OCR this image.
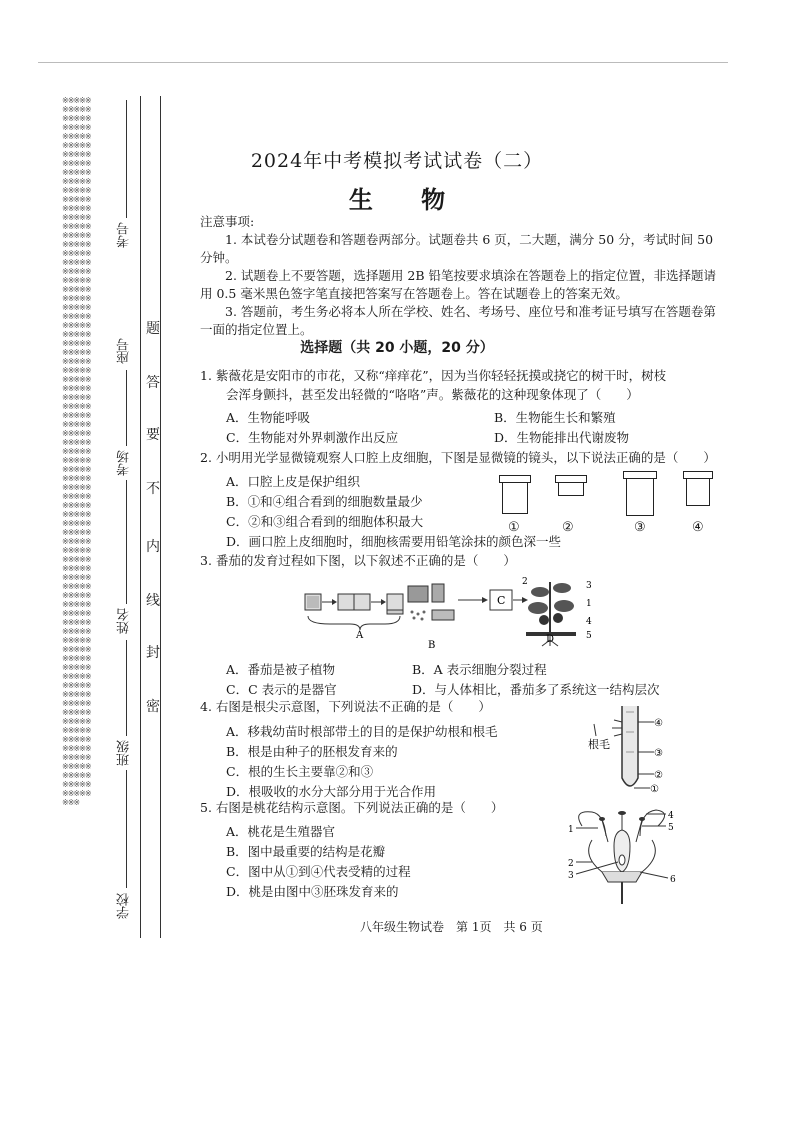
※※※※※※※※※※※※※※※※※※※※※※※※※※※※※※※※※※※※※※※※※※※※※※※※※※※※※※※※※※※※※※※※※※※※※※※※※※※※※※※※※※※※※※※※※※※※※※※※※※※※※※※※※※※※※※※※※※※※※※※※※※※※※※※※※※※※※※※※※※※※※※※※※※※※※※※※※※※※※※※※※※※※※※※※※※※※※※※※※※※※※※※※※※※※※※※※※※※※※※※※※※※※※※※※※※※※※※※※※※※※※※※※※※※※※※※※※※※※※※※※※※※※※※※※※※※※※※※※※※※※※※※※※※※※※※※※※※※※※※※※※※※※※※※※※※※※※※※※※※※※※※※※※※※※※※※※※※※※※※※※※※※※※※※※※※※※※※※※※※※※※※※※※※※※※※※※※※※※※※※※※※※※※※※※※※※※※※※※※※※※※※※※※※※※※※※※※
考号
座号
考场
姓名
班级
学校
题
答
要
不
内
线
封
密
2024年中考模拟考试试卷（二）
生 物

注意事项:

1. 本试卷分试题卷和答题卷两部分。试题卷共 6 页，二大题，满分 50 分，考试时间 50 分钟。

2. 试题卷上不要答题，选择题用 2B 铅笔按要求填涂在答题卷上的指定位置，非选择题请用 0.5 毫米黑色签字笔直接把答案写在答题卷上。答在试题卷上的答案无效。

3. 答题前，考生务必将本人所在学校、姓名、考场号、座位号和准考证号填写在答题卷第一面的指定位置上。

选择题（共 20 小题，20 分）
1. 紫薇花是安阳市的市花，又称“痒痒花”，因为当你轻轻抚摸或挠它的树干时，树枝
会浑身颤抖，甚至发出轻微的“咯咯”声。紫薇花的这种现象体现了（　　）
A．生物能呼吸	B．生物能生长和繁殖
C．生物能对外界刺激作出反应	D．生物能排出代谢废物
2. 小明用光学显微镜观察人口腔上皮细胞，下图是显微镜的镜头，以下说法正确的是（　　）
A．口腔上皮是保护组织
B．①和④组合看到的细胞数量最少
C．②和③组合看到的细胞体积最大
D．画口腔上皮细胞时，细胞核需要用铅笔涂抹的颜色深一些
①	②	③	④
3. 番茄的发育过程如下图，以下叙述不正确的是（　　）
A
B
C
2	3
1
4
5
D
A．番茄是被子植物	B．A 表示细胞分裂过程
C．C 表示的是器官	D．与人体相比，番茄多了系统这一结构层次
4. 右图是根尖示意图，下列说法不正确的是（　　）
A．移栽幼苗时根部带土的目的是保护幼根和根毛
B．根是由种子的胚根发育来的
C．根的生长主要靠②和③
D．根吸收的水分大部分用于光合作用
④
③
②
①
根毛
5. 右图是桃花结构示意图。下列说法正确的是（　　）
A．桃花是生殖器官
B．图中最重要的结构是花瓣
C．图中从①到④代表受精的过程
D．桃是由图中③胚珠发育来的
1
2
3
4
5
6
八年级生物试卷　第 1页　共 6 页
